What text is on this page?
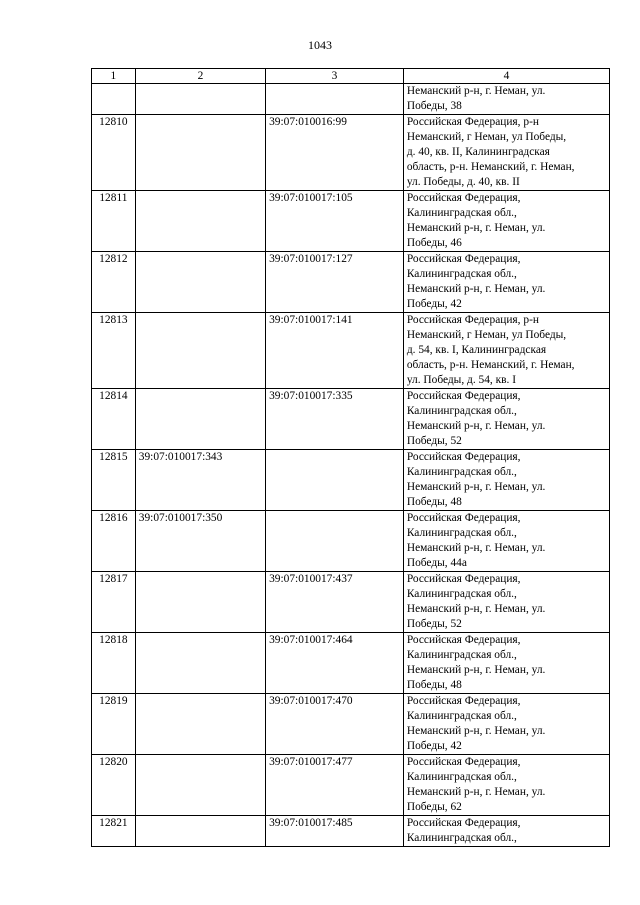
1043
1	2	3	4

			Неманский р-н, г. Неман, ул.
Победы, 38

12810		39:07:010016:99	Российская Федерация, р-н
Неманский, г Неман, ул Победы,
д. 40, кв. II, Калининградская
область, р-н. Неманский, г. Неман,
ул. Победы, д. 40, кв. II

12811		39:07:010017:105	Российская Федерация,
Калининградская обл.,
Неманский р-н, г. Неман, ул.
Победы, 46

12812		39:07:010017:127	Российская Федерация,
Калининградская обл.,
Неманский р-н, г. Неман, ул.
Победы, 42

12813		39:07:010017:141	Российская Федерация, р-н
Неманский, г Неман, ул Победы,
д. 54, кв. I, Калининградская
область, р-н. Неманский, г. Неман,
ул. Победы, д. 54, кв. I

12814		39:07:010017:335	Российская Федерация,
Калининградская обл.,
Неманский р-н, г. Неман, ул.
Победы, 52

12815	39:07:010017:343		Российская Федерация,
Калининградская обл.,
Неманский р-н, г. Неман, ул.
Победы, 48

12816	39:07:010017:350		Российская Федерация,
Калининградская обл.,
Неманский р-н, г. Неман, ул.
Победы, 44а

12817		39:07:010017:437	Российская Федерация,
Калининградская обл.,
Неманский р-н, г. Неман, ул.
Победы, 52

12818		39:07:010017:464	Российская Федерация,
Калининградская обл.,
Неманский р-н, г. Неман, ул.
Победы, 48

12819		39:07:010017:470	Российская Федерация,
Калининградская обл.,
Неманский р-н, г. Неман, ул.
Победы, 42

12820		39:07:010017:477	Российская Федерация,
Калининградская обл.,
Неманский р-н, г. Неман, ул.
Победы, 62

12821		39:07:010017:485	Российская Федерация,
Калининградская обл.,
